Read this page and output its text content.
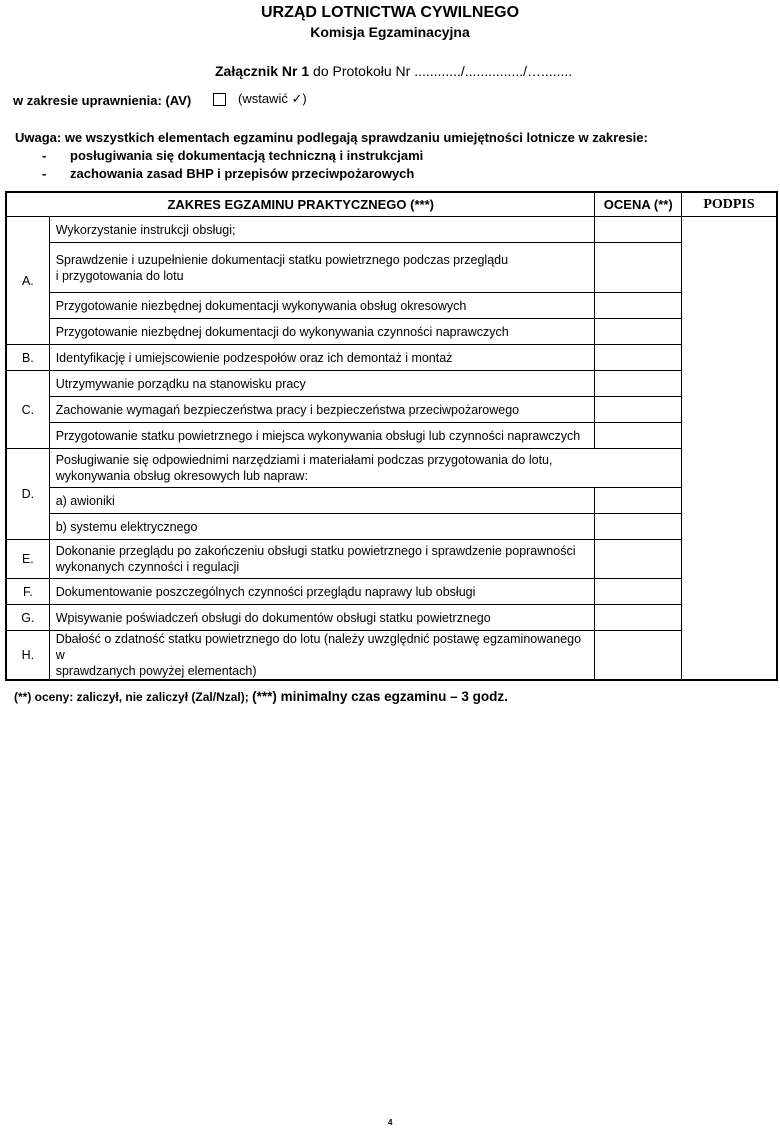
URZĄD LOTNICTWA CYWILNEGO
Komisja Egzaminacyjna
Załącznik Nr 1 do Protokołu Nr ............/.............../…........
w zakresie uprawnienia: (AV)	(wstawić ✓)
Uwaga: we wszystkich elementach egzaminu podlegają sprawdzaniu umiejętności lotnicze w zakresie:
- posługiwania się dokumentacją techniczną i instrukcjami
- zachowania zasad BHP i przepisów przeciwpożarowych
ZAKRES EGZAMINU PRAKTYCZNEGO (***)		OCENA (**)	PODPIS
A.	Wykorzystanie instrukcji obsługi;		
	Sprawdzenie i uzupełnienie dokumentacji statku powietrznego podczas przeglądu
i przygotowania do lotu		
	Przygotowanie niezbędnej dokumentacji wykonywania obsług okresowych		
	Przygotowanie niezbędnej dokumentacji do wykonywania czynności naprawczych		
B.	Identyfikację i umiejscowienie podzespołów oraz ich demontaż i montaż		
C.	Utrzymywanie porządku na stanowisku pracy		
	Zachowanie wymagań bezpieczeństwa pracy i bezpieczeństwa przeciwpożarowego		
	Przygotowanie statku powietrznego i miejsca wykonywania obsługi lub czynności naprawczych		
D.	Posługiwanie się odpowiednimi narzędziami i materiałami podczas przygotowania do lotu,
wykonywania obsług okresowych lub napraw:		
	a) awioniki		
	b) systemu elektrycznego		
E.	Dokonanie przeglądu po zakończeniu obsługi statku powietrznego i sprawdzenie poprawności
wykonanych czynności i regulacji		
F.	Dokumentowanie poszczególnych czynności przeglądu naprawy lub obsługi		
G.	Wpisywanie poświadczeń obsługi do dokumentów obsługi statku powietrznego		
H.	Dbałość o zdatność statku powietrznego do lotu (należy uwzględnić postawę egzaminowanego w
sprawdzanych powyżej elementach)		
(**) oceny: zaliczył, nie zaliczył (Zal/Nzal); (***) minimalny czas egzaminu – 3 godz.
4
